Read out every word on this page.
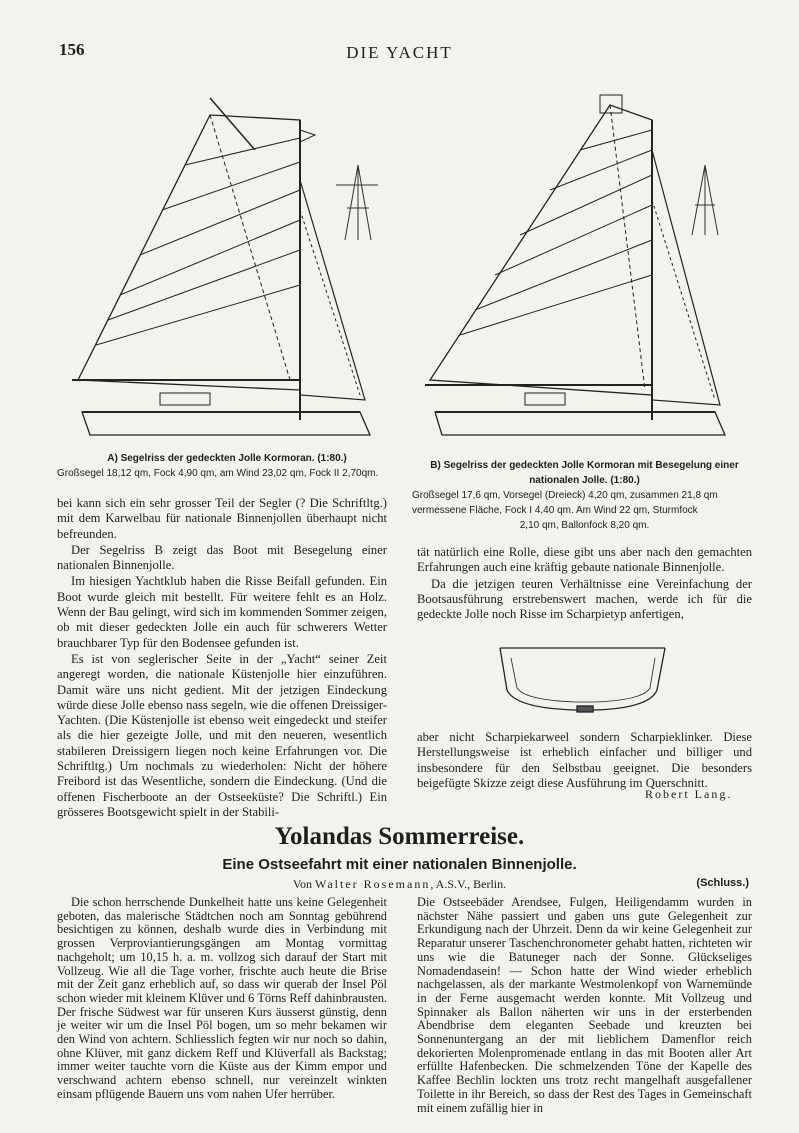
156	DIE YACHT
A) Segelriss der gedeckten Jolle Kormoran. (1:80.)
Großsegel 18,12 qm, Fock 4,90 qm, am Wind 23,02 qm, Fock II 2,70qm.
B) Segelriss der gedeckten Jolle Kormoran mit Besegelung einer nationalen Jolle. (1:80.)
Großsegel 17,6 qm, Vorsegel (Dreieck) 4,20 qm, zusammen 21,8 qm
vermessene Fläche, Fock I 4,40 qm. Am Wind 22 qm, Sturmfock
2,10 qm, Ballonfock 8,20 qm.

bei kann sich ein sehr grosser Teil der Segler (? Die Schriftltg.) mit dem Karwelbau für nationale Binnenjollen überhaupt nicht befreunden.

Der Segelriss B zeigt das Boot mit Besegelung einer nationalen Binnenjolle.

Im hiesigen Yachtklub haben die Risse Beifall gefunden. Ein Boot wurde gleich mit bestellt. Für weitere fehlt es an Holz. Wenn der Bau gelingt, wird sich im kommenden Sommer zeigen, ob mit dieser gedeckten Jolle ein auch für schwerers Wetter brauchbarer Typ für den Bodensee gefunden ist.

Es ist von seglerischer Seite in der „Yacht“ seiner Zeit angeregt worden, die nationale Küstenjolle hier einzuführen. Damit wäre uns nicht gedient. Mit der jetzigen Eindeckung würde diese Jolle ebenso nass segeln, wie die offenen Dreissiger-Yachten. (Die Küstenjolle ist ebenso weit eingedeckt und steifer als die hier gezeigte Jolle, und mit den neueren, wesentlich stabileren Dreissigern liegen noch keine Erfahrungen vor. Die Schriftltg.) Um nochmals zu wiederholen: Nicht der höhere Freibord ist das Wesentliche, sondern die Eindeckung. (Und die offenen Fischerboote an der Ostseeküste? Die Schriftl.) Ein grösseres Bootsgewicht spielt in der Stabili-

tät natürlich eine Rolle, diese gibt uns aber nach den gemachten Erfahrungen auch eine kräftig gebaute nationale Binnenjolle.

Da die jetzigen teuren Verhältnisse eine Vereinfachung der Bootsausführung erstrebenswert machen, werde ich für die gedeckte Jolle noch Risse im Scharpietyp anfertigen,

aber nicht Scharpiekarweel sondern Scharpieklinker. Diese Herstellungsweise ist erheblich einfacher und billiger und insbesondere für den Selbstbau geeignet. Die besonders beigefügte Skizze zeigt diese Ausführung im Querschnitt.

Robert Lang.
Yolandas Sommerreise.
Eine Ostseefahrt mit einer nationalen Binnenjolle.
Von Walter Rosemann, A.S.V., Berlin.	(Schluss.)

Die schon herrschende Dunkelheit hatte uns keine Gelegenheit geboten, das malerische Städtchen noch am Sonntag gebührend besichtigen zu können, deshalb wurde dies in Verbindung mit grossen Verproviantierungsgängen am Montag vormittag nachgeholt; um 10,15 h. a. m. vollzog sich darauf der Start mit Vollzeug. Wie all die Tage vorher, frischte auch heute die Brise mit der Zeit ganz erheblich auf, so dass wir querab der Insel Pöl schon wieder mit kleinem Klüver und 6 Törns Reff dahinbrausten. Der frische Südwest war für unseren Kurs äusserst günstig, denn je weiter wir um die Insel Pöl bogen, um so mehr bekamen wir den Wind von achtern. Schliesslich fegten wir nur noch so dahin, ohne Klüver, mit ganz dickem Reff und Klüverfall als Backstag; immer weiter tauchte vorn die Küste aus der Kimm empor und verschwand achtern ebenso schnell, nur vereinzelt winkten einsam pflügende Bauern uns vom nahen Ufer herrüber.

Die Ostseebäder Arendsee, Fulgen, Heiligendamm wurden in nächster Nähe passiert und gaben uns gute Gelegenheit zur Erkundigung nach der Uhrzeit. Denn da wir keine Gelegenheit zur Reparatur unserer Taschenchronometer gehabt hatten, richteten wir uns wie die Batuneger nach der Sonne. Glückseliges Nomadendasein! — Schon hatte der Wind wieder erheblich nachgelassen, als der markante Westmolenkopf von Warnemünde in der Ferne ausgemacht werden konnte. Mit Vollzeug und Spinnaker als Ballon näherten wir uns in der ersterbenden Abendbrise dem eleganten Seebade und kreuzten bei Sonnenuntergang an der mit lieblichem Damenflor reich dekorierten Molenpromenade entlang in das mit Booten aller Art erfüllte Hafenbecken. Die schmelzenden Töne der Kapelle des Kaffee Bechlin lockten uns trotz recht mangelhaft ausgefallener Toilette in ihr Bereich, so dass der Rest des Tages in Gemeinschaft mit einem zufällig hier in
